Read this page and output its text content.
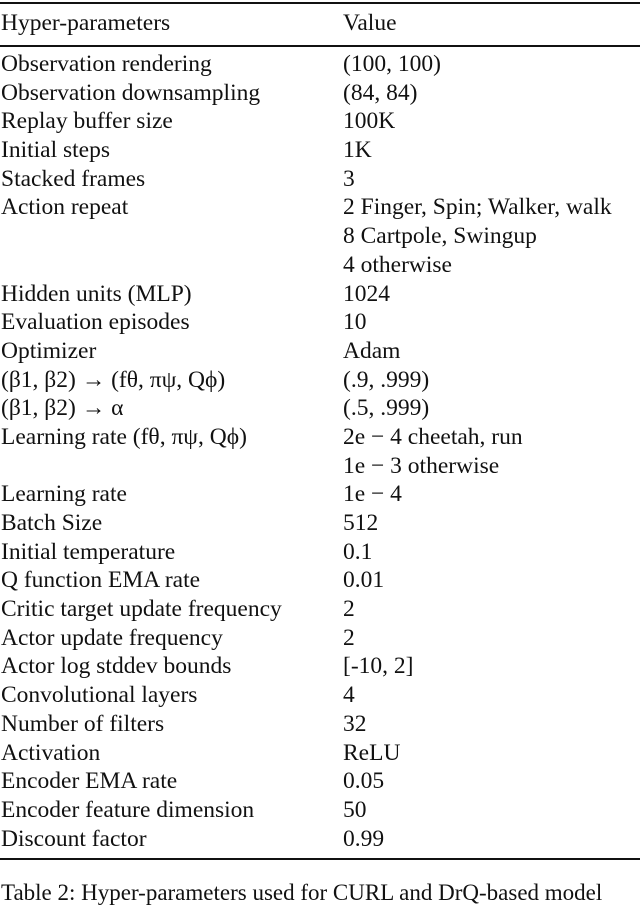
Hyper-parameters	Value
Observation rendering	(100, 100)
Observation downsampling	(84, 84)
Replay buffer size	100K
Initial steps	1K
Stacked frames	3
Action repeat	2 Finger, Spin; Walker, walk
8 Cartpole, Swingup
4 otherwise
Hidden units (MLP)	1024
Evaluation episodes	10
Optimizer	Adam
(β1, β2) → (fθ, πψ, Qϕ)	(.9, .999)
(β1, β2) → α	(.5, .999)
Learning rate (fθ, πψ, Qϕ)	2e − 4 cheetah, run
1e − 3 otherwise
Learning rate	1e − 4
Batch Size	512
Initial temperature	0.1
Q function EMA rate	0.01
Critic target update frequency	2
Actor update frequency	2
Actor log stddev bounds	[-10, 2]
Convolutional layers	4
Number of filters	32
Activation	ReLU
Encoder EMA rate	0.05
Encoder feature dimension	50
Discount factor	0.99
Table 2: Hyper-parameters used for CURL and DrQ-based model
